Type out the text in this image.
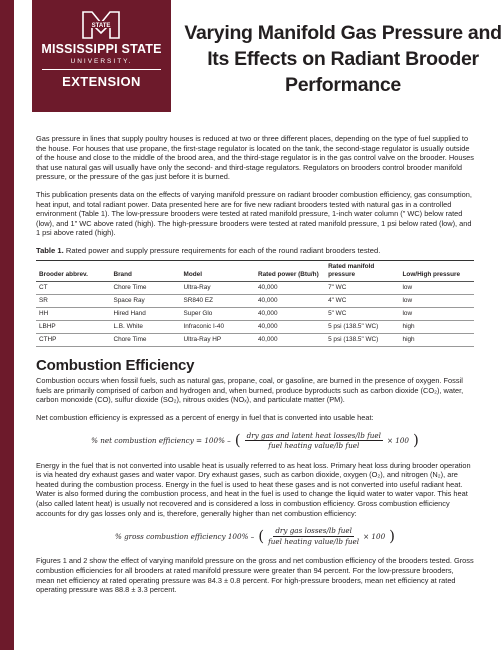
STATE
MISSISSIPPI STATE
UNIVERSITY.
EXTENSION
Varying Manifold Gas Pressure and Its Effects on Radiant Brooder Performance

Gas pressure in lines that supply poultry houses is reduced at two or three different places, depending on the type of fuel supplied to the house. For houses that use propane, the first-stage regulator is located on the tank, the second-stage regulator is usually outside of the house and close to the middle of the brood area, and the third-stage regulator is in the gas control valve on the brooder. Houses that use natural gas will usually have only the second- and third-stage regulators. Regulators on brooders control brooder manifold pressure, or the pressure of the gas just before it is burned.

This publication presents data on the effects of varying manifold pressure on radiant brooder combustion efficiency, gas consumption, heat input, and total radiant power. Data presented here are for five new radiant brooders tested with natural gas in a controlled environment (Table 1). The low-pressure brooders were tested at rated manifold pressure, 1-inch water column (" WC) below rated (low), and 1" WC above rated (high). The high-pressure brooders were tested at rated manifold pressure, 1 psi below rated (low), and 1 psi above rated (high).

Table 1. Rated power and supply pressure requirements for each of the round radiant brooders tested.
Brooder abbrev.	Brand	Model	Rated power (Btu/h)	Rated manifold pressure	Low/High pressure
CT	Chore Time	Ultra-Ray	40,000	7" WC	low
SR	Space Ray	SR840 EZ	40,000	4" WC	low
HH	Hired Hand	Super Glo	40,000	5" WC	low
LBHP	L.B. White	Infraconic I-40	40,000	5 psi (138.5" WC)	high
CTHP	Chore Time	Ultra-Ray HP	40,000	5 psi (138.5" WC)	high
Combustion Efficiency

Combustion occurs when fossil fuels, such as natural gas, propane, coal, or gasoline, are burned in the presence of oxygen. Fossil fuels are primarily comprised of carbon and hydrogen and, when burned, produce byproducts such as carbon dioxide (CO₂), water, carbon monoxide (CO), sulfur dioxide (SO₂), nitrous oxides (NOₓ), and particulate matter (PM).

Net combustion efficiency is expressed as a percent of energy in fuel that is converted into usable heat:

% net combustion efficiency = 100% – ( $\frac{\text{dry gas and latent heat losses/lb fuel}}{\text{fuel heating value/lb fuel}} \times 100$ )

Energy in the fuel that is not converted into usable heat is usually referred to as heat loss. Primary heat loss during brooder operation is via heated dry exhaust gases and water vapor. Dry exhaust gases, such as carbon dioxide, oxygen (O₂), and nitrogen (N₂), are heated during the combustion process. Energy in the fuel is used to heat these gases and is not converted into useful radiant heat. Water is also formed during the combustion process, and heat in the fuel is used to change the liquid water to water vapor. This heat (also called latent heat) is usually not recovered and is considered a loss in combustion efficiency. Gross combustion efficiency accounts for dry gas losses only and is, therefore, generally higher than net combustion efficiency:

% gross combustion efficiency 100% – ( $\frac{\text{dry gas losses/lb fuel}}{\text{fuel heating value/lb fuel}} \times 100$ )

Figures 1 and 2 show the effect of varying manifold pressure on the gross and net combustion efficiency of the brooders tested. Gross combustion efficiencies for all brooders at rated manifold pressure were greater than 94 percent. For the low-pressure brooders, mean net efficiency at rated operating pressure was 84.3 ± 0.8 percent. For high-pressure brooders, mean net efficiency at rated operating pressure was 88.8 ± 3.3 percent.
